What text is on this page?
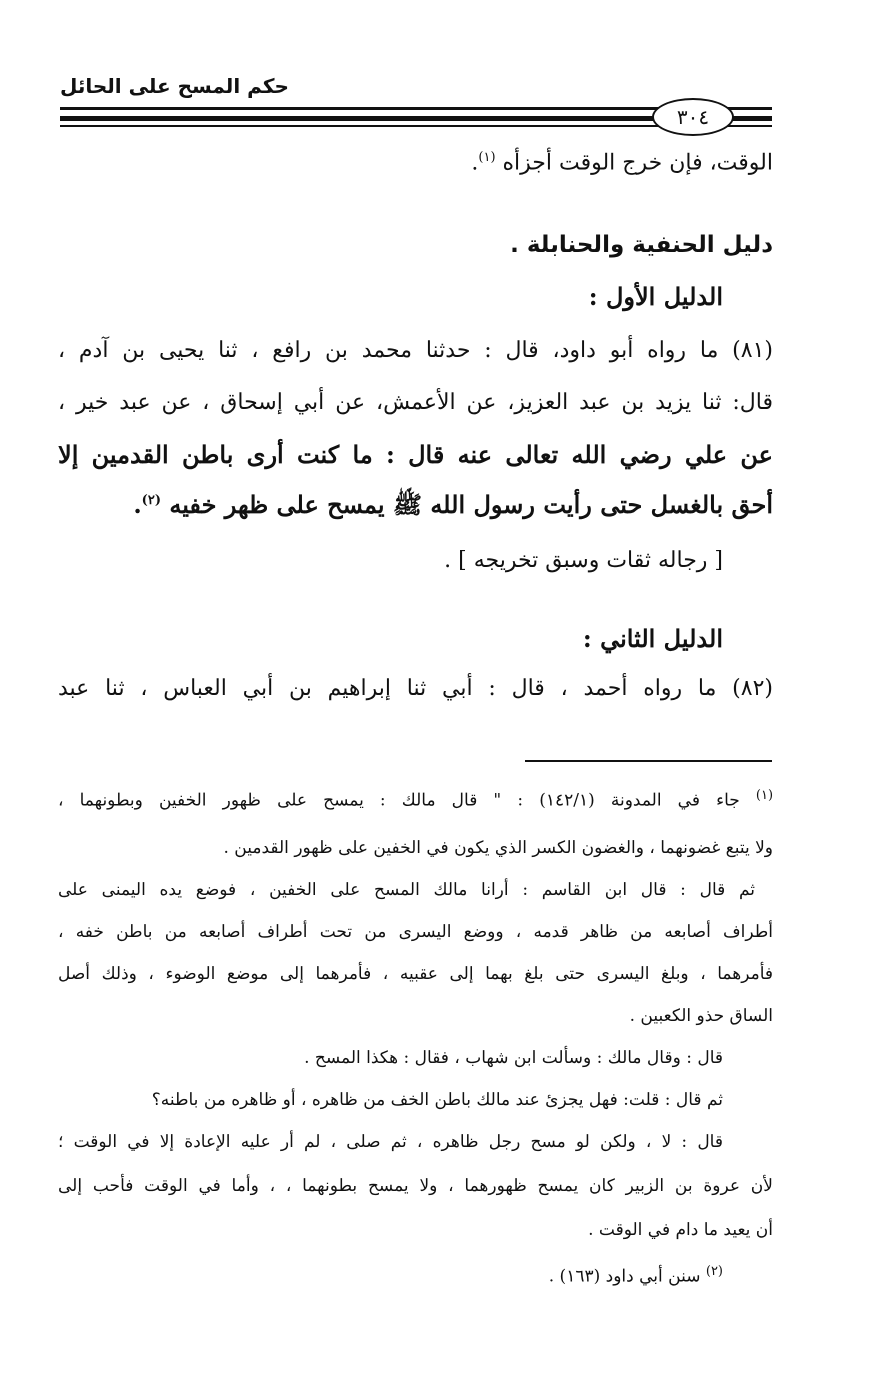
حكم المسح على الحائل
٣٠٤
الوقت، فإن خرج الوقت أجزأه $^{(١)}$.
دليل الحنفية والحنابلة .
الدليل الأول :
(٨١) ما رواه أبو داود، قال : حدثنا محمد بن رافع ، ثنا يحيى بن آدم ،
قال: ثنا يزيد بن عبد العزيز، عن الأعمش، عن أبي إسحاق ، عن عبد خير ،
عن علي رضي الله تعالى عنه قال : ما كنت أرى باطن القدمين إلا
أحق بالغسل حتى رأيت رسول الله ﷺ يمسح على ظهر خفيه $^{(٢)}$.
[ رجاله ثقات وسبق تخريجه ] .
الدليل الثاني :
(٨٢) ما رواه أحمد ، قال : أبي ثنا إبراهيم بن أبي العباس ، ثنا عبد
$^{(١)}$ جاء في المدونة (١٤٢/١) : " قال مالك : يمسح على ظهور الخفين وبطونهما ،
ولا يتبع غضونهما ، والغضون الكسر الذي يكون في الخفين على ظهور القدمين .
ثم قال : قال ابن القاسم : أرانا مالك المسح على الخفين ، فوضع يده اليمنى على
أطراف أصابعه من ظاهر قدمه ، ووضع اليسرى من تحت أطراف أصابعه من باطن خفه ،
فأمرهما ، وبلغ اليسرى حتى بلغ بهما إلى عقبيه ، فأمرهما إلى موضع الوضوء ، وذلك أصل
الساق حذو الكعبين .
قال : وقال مالك : وسألت ابن شهاب ، فقال : هكذا المسح .
ثم قال : قلت: فهل يجزئ عند مالك باطن الخف من ظاهره ، أو ظاهره من باطنه؟
قال : لا ، ولكن لو مسح رجل ظاهره ، ثم صلى ، لم أر عليه الإعادة إلا في الوقت ؛
لأن عروة بن الزبير كان يمسح ظهورهما ، ولا يمسح بطونهما ، ، وأما في الوقت فأحب إلى
أن يعيد ما دام في الوقت .
$^{(٢)}$ سنن أبي داود (١٦٣) .
